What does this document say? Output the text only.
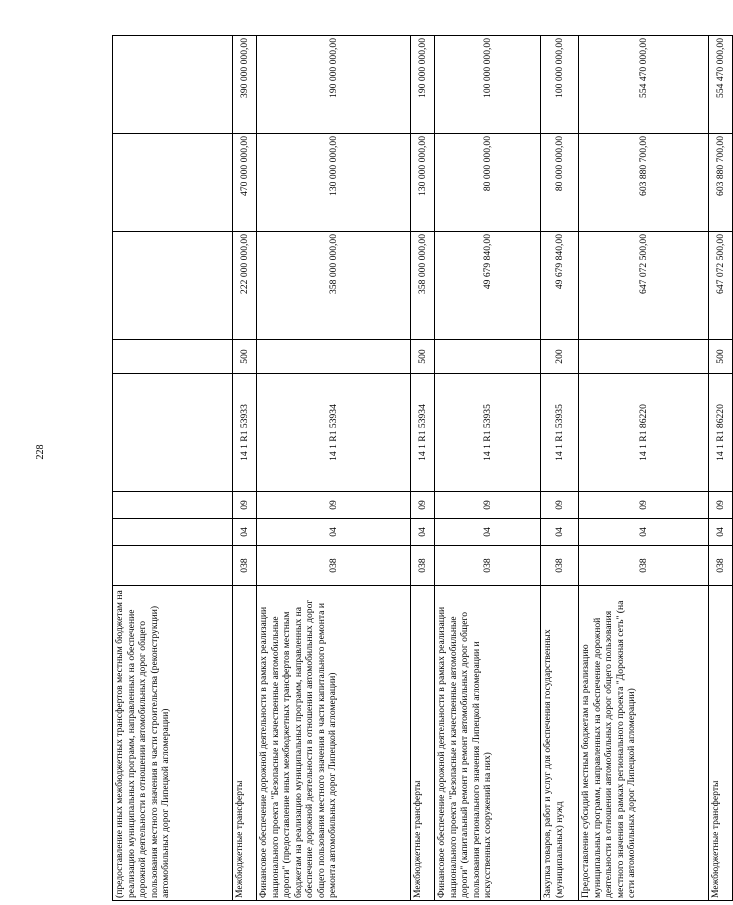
228
(предоставление иных межбюджетных трансфертов местным бюджетам на реализацию муниципальных программ, направленных на обеспечение дорожной деятельности в отношении автомобильных дорог общего пользования местного значения в части строительства (реконструкции) автомобильных дорог Липецкой агломерации)								
Межбюджетные трансферты	038	04	09	14 1 R1 53933	500	222 000 000,00	470 000 000,00	390 000 000,00
Финансовое обеспечение дорожной деятельности в рамках реализации национального проекта "Безопасные и качественные автомобильные дороги" (предоставление иных межбюджетных трансфертов местным бюджетам на реализацию муниципальных программ, направленных на обеспечение дорожной деятельности в отношении автомобильных дорог общего пользования местного значения в части капитального ремонта и ремонта автомобильных дорог Липецкой агломерации)	038	04	09	14 1 R1 53934		358 000 000,00	130 000 000,00	190 000 000,00
Межбюджетные трансферты	038	04	09	14 1 R1 53934	500	358 000 000,00	130 000 000,00	190 000 000,00
Финансовое обеспечение дорожной деятельности в рамках реализации национального проекта "Безопасные и качественные автомобильные дороги" (капитальный ремонт и ремонт автомобильных дорог общего пользования регионального значения Липецкой агломерации и искусственных сооружений на них)	038	04	09	14 1 R1 53935		49 679 840,00	80 000 000,00	100 000 000,00
Закупка товаров, работ и услуг для обеспечения государственных (муниципальных) нужд	038	04	09	14 1 R1 53935	200	49 679 840,00	80 000 000,00	100 000 000,00
Предоставление субсидий местным бюджетам на реализацию муниципальных программ, направленных на обеспечение дорожной деятельности в отношении автомобильных дорог общего пользования местного значения в рамках регионального проекта "Дорожная сеть" (на сети автомобильных дорог Липецкой агломерации)	038	04	09	14 1 R1 86220		647 072 500,00	603 880 700,00	554 470 000,00
Межбюджетные трансферты	038	04	09	14 1 R1 86220	500	647 072 500,00	603 880 700,00	554 470 000,00
